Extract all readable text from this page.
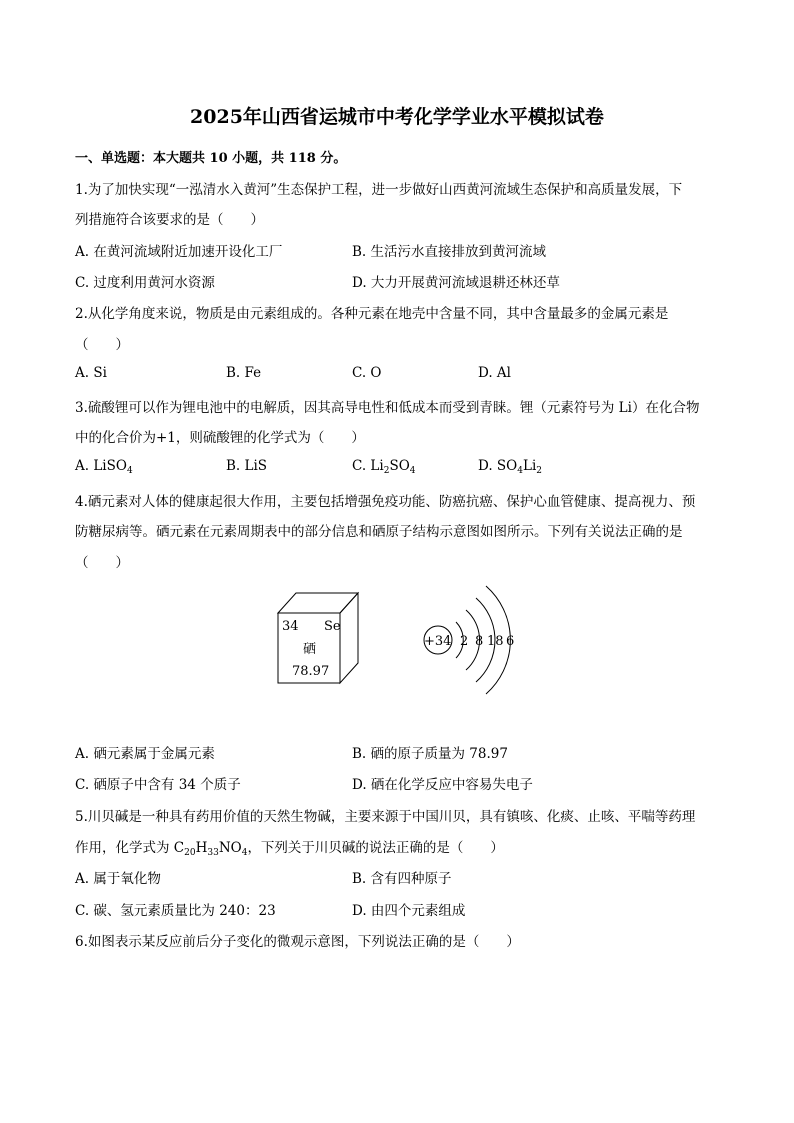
2025年山西省运城市中考化学学业水平模拟试卷
一、单选题：本大题共 10 小题，共 118 分。
1.为了加快实现“一泓清水入黄河”生态保护工程，进一步做好山西黄河流域生态保护和高质量发展，下
列措施符合该要求的是（　　）
A. 在黄河流域附近加速开设化工厂	B. 生活污水直接排放到黄河流域
C. 过度利用黄河水资源	D. 大力开展黄河流域退耕还林还草
2.从化学角度来说，物质是由元素组成的。各种元素在地壳中含量不同，其中含量最多的金属元素是
（　　）
A. Si	B. Fe	C. O	D. Al
3.硫酸锂可以作为锂电池中的电解质，因其高导电性和低成本而受到青睐。锂（元素符号为 Li）在化合物
中的化合价为+1，则硫酸锂的化学式为（　　）
A. LiSO$_4$	B. LiS	C. $Li_2SO_4$	D. $SO_4Li_2$
4.硒元素对人体的健康起很大作用，主要包括增强免疫功能、防癌抗癌、保护心血管健康、提高视力、预
防糖尿病等。硒元素在元素周期表中的部分信息和硒原子结构示意图如图所示。下列有关说法正确的是
（　　）
34 Se
硒
78.97
+34 2 8 18 6
A. 硒元素属于金属元素	B. 硒的原子质量为 78.97
C. 硒原子中含有 34 个质子	D. 硒在化学反应中容易失电子
5.川贝碱是一种具有药用价值的天然生物碱，主要来源于中国川贝，具有镇咳、化痰、止咳、平喘等药理
作用，化学式为 $C_{20}H_{33}NO_4$，下列关于川贝碱的说法正确的是（　　）
A. 属于氧化物	B. 含有四种原子
C. 碳、氢元素质量比为 240：23	D. 由四个元素组成
6.如图表示某反应前后分子变化的微观示意图，下列说法正确的是（　　）
